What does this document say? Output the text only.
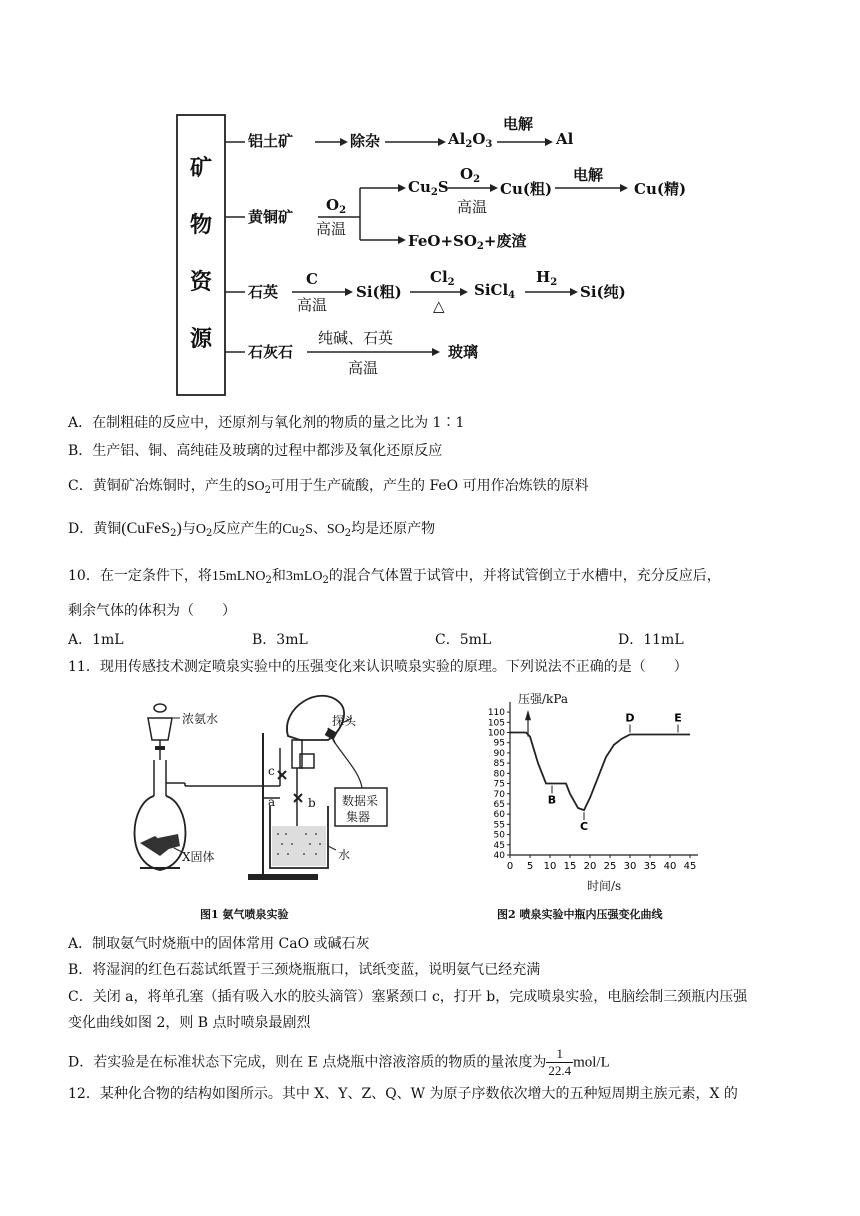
矿
物
资
源
铝土矿	除杂	$Al_2O_3$
电解
Al
黄铜矿
$O_2$
高温
$Cu_2S$
$O_2$
高温
Cu(粗)
电解
Cu(精)
$FeO+SO_2+$废渣
石英
C
高温
Si(粗)
$Cl_2$
△
SiCl$_4$
$H_2$
Si(纯)
石灰石
纯碱、石英
高温
玻璃
A．在制粗硅的反应中，还原剂与氧化剂的物质的量之比为 1∶1
B．生产铝、铜、高纯硅及玻璃的过程中都涉及氧化还原反应
C．黄铜矿冶炼铜时，产生的$SO_2$可用于生产硫酸，产生的 FeO 可用作冶炼铁的原料
D．黄铜(CuFeS$_2$)与$O_2$反应产生的$Cu_2S$、$SO_2$均是还原产物
10．在一定条件下，将15mLNO$_2$和3mLO$_2$的混合气体置于试管中，并将试管倒立于水槽中，充分反应后，
剩余气体的体积为（　　）
A．1mL	B．3mL	C．5mL	D．11mL
11．现用传感技术测定喷泉实验中的压强变化来认识喷泉实验的原理。下列说法不正确的是（　　）
浓氨水	探头
c
a	b 数据采
集器
X固体	水
图1 氨气喷泉实验
110
105
100
95
90
85
80
75
70
65
60
55
50
45
40
0 5 10 15 20 25 30 35 40 45
B
C
D	E
压强/kPa
时间/s
图2 喷泉实验中瓶内压强变化曲线
A．制取氨气时烧瓶中的固体常用 CaO 或碱石灰
B．将湿润的红色石蕊试纸置于三颈烧瓶瓶口，试纸变蓝，说明氨气已经充满
C．关闭 a，将单孔塞（插有吸入水的胶头滴管）塞紧颈口 c，打开 b，完成喷泉实验，电脑绘制三颈瓶内压强
变化曲线如图 2，则 B 点时喷泉最剧烈
D．若实验是在标准状态下完成，则在 E 点烧瓶中溶液溶质的物质的量浓度为 $\frac{1}{22.4} mol/L$
12．某种化合物的结构如图所示。其中 X、Y、Z、Q、W 为原子序数依次增大的五种短周期主族元素，X 的
